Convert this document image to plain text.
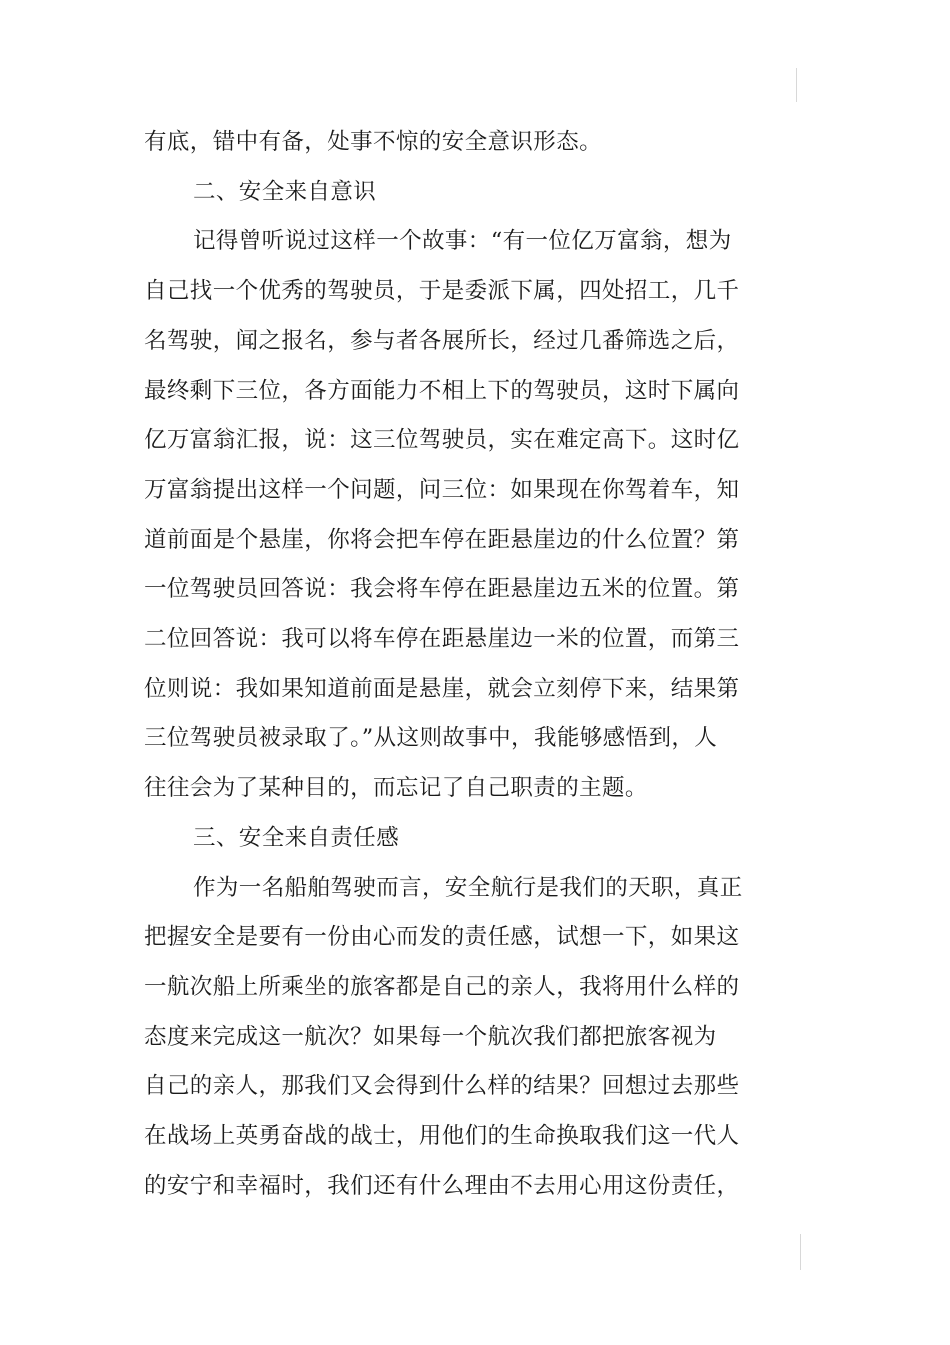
有底，错中有备，处事不惊的安全意识形态。
二、安全来自意识
记得曾听说过这样一个故事：“有一位亿万富翁，想为
自己找一个优秀的驾驶员，于是委派下属，四处招工，几千
名驾驶，闻之报名，参与者各展所长，经过几番筛选之后，
最终剩下三位，各方面能力不相上下的驾驶员，这时下属向
亿万富翁汇报，说：这三位驾驶员，实在难定高下。这时亿
万富翁提出这样一个问题，问三位：如果现在你驾着车，知
道前面是个悬崖，你将会把车停在距悬崖边的什么位置？第
一位驾驶员回答说：我会将车停在距悬崖边五米的位置。第
二位回答说：我可以将车停在距悬崖边一米的位置，而第三
位则说：我如果知道前面是悬崖，就会立刻停下来，结果第
三位驾驶员被录取了。”从这则故事中，我能够感悟到，人
往往会为了某种目的，而忘记了自己职责的主题。
三、安全来自责任感
作为一名船舶驾驶而言，安全航行是我们的天职，真正
把握安全是要有一份由心而发的责任感，试想一下，如果这
一航次船上所乘坐的旅客都是自己的亲人，我将用什么样的
态度来完成这一航次？如果每一个航次我们都把旅客视为
自己的亲人，那我们又会得到什么样的结果？回想过去那些
在战场上英勇奋战的战士，用他们的生命换取我们这一代人
的安宁和幸福时，我们还有什么理由不去用心用这份责任，
